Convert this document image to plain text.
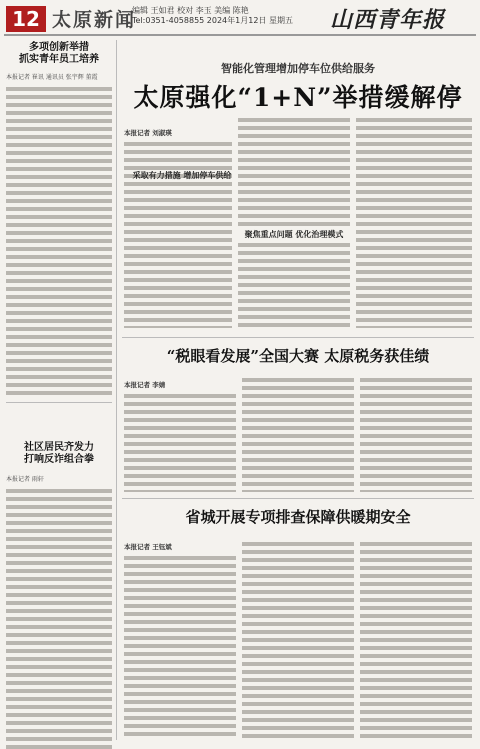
12 太原新闻
编辑 王如君 校对 李玉 美编 陈艳
Tel:0351-4058855 2024年1月12日 星期五 山西青年报
多项创新举措
抓实青年员工培养
本报记者 崔讯 通讯员 张宇辉 董霞
社区居民齐发力
打响反诈组合拳
本报记者 雨轩
智能化管理增加停车位供给服务
太原强化“1+N”举措缓解停
本报记者 刘淑瑛
聚焦重点问题 优化治理模式
采取有力措施 增加停车供给
“税眼看发展”全国大赛 太原税务获佳绩
本报记者 李婧
省城开展专项排查保障供暖期安全
本报记者 王钰斌
